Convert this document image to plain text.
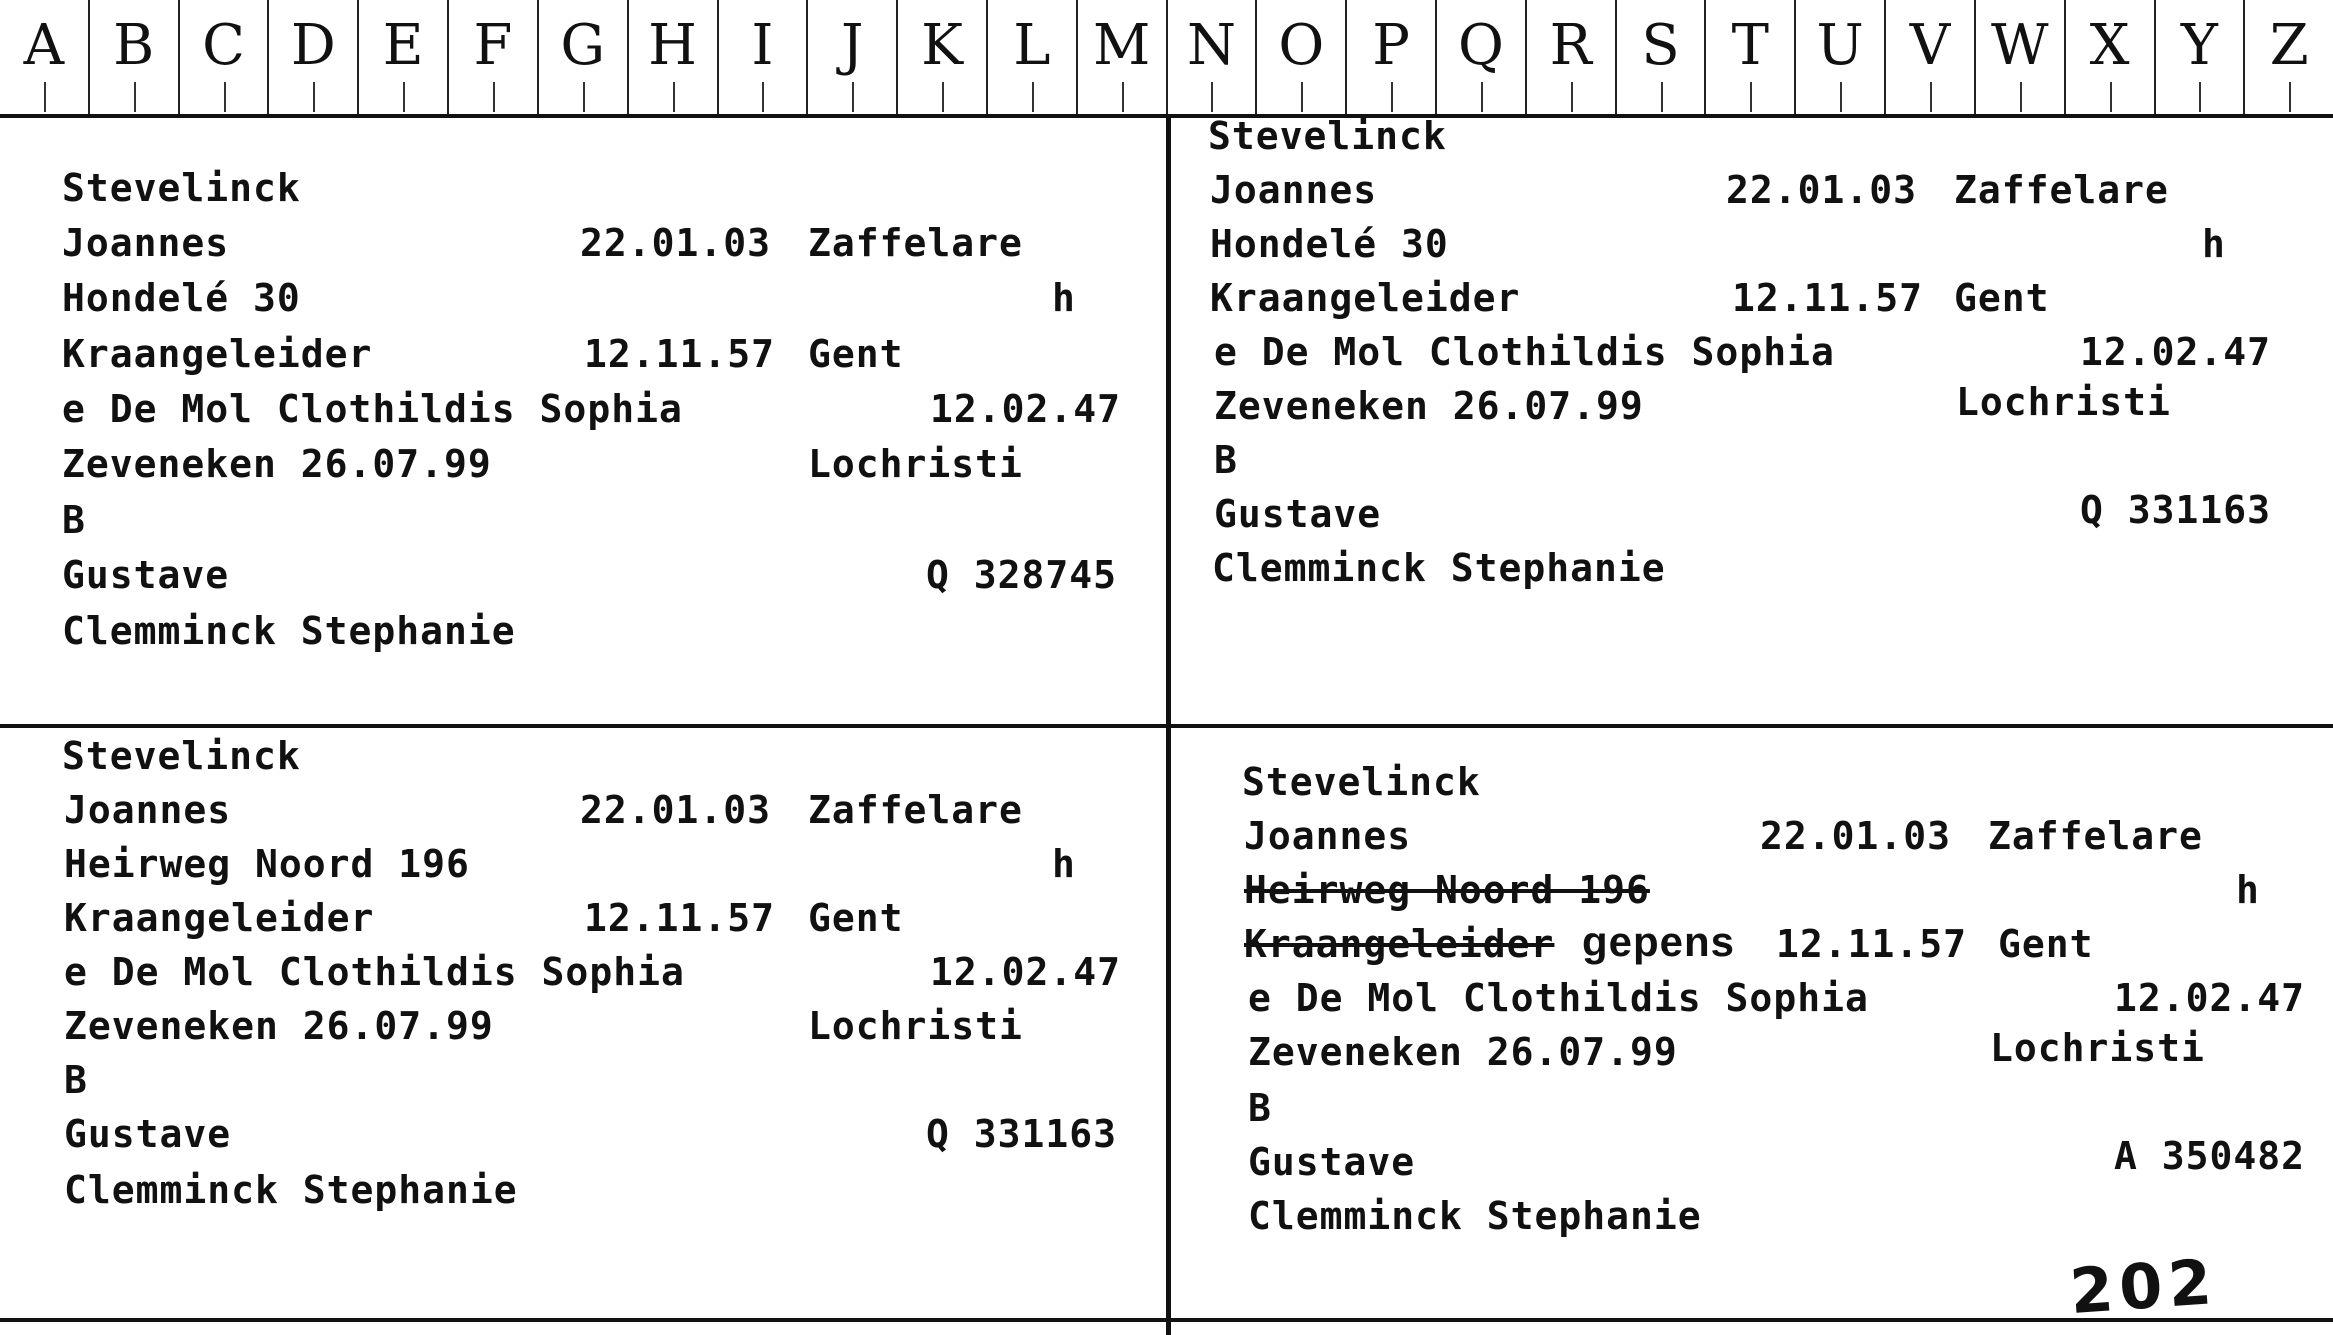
A B C D E F G H I	J	K L M N O P Q R S T U V W X Y Z
Stevelinck
Joannes	22.01.03 Zaffelare
Hondelé 30	h
Kraangeleider	12.11.57 Gent
e De Mol Clothildis Sophia	12.02.47
Zeveneken 26.07.99	Lochristi
B
Gustave	Q 328745
Clemminck Stephanie
Stevelinck
Joannes	22.01.03 Zaffelare
Hondelé 30	h
Kraangeleider	12.11.57 Gent
e De Mol Clothildis Sophia	12.02.47
Zeveneken 26.07.99	Lochristi
B
Gustave	Q 331163
Clemminck Stephanie
Stevelinck
Joannes	22.01.03 Zaffelare
Heirweg Noord 196	h
Kraangeleider	12.11.57 Gent
e De Mol Clothildis Sophia	12.02.47
Zeveneken 26.07.99	Lochristi
B
Gustave	Q 331163
Clemminck Stephanie
Stevelinck
Joannes	22.01.03 Zaffelare
Heirweg Noord 196	h
Kraangeleider gepens 12.11.57 Gent
e De Mol Clothildis Sophia	12.02.47
Zeveneken 26.07.99	Lochristi
B
Gustave	A 350482
Clemminck Stephanie
202
